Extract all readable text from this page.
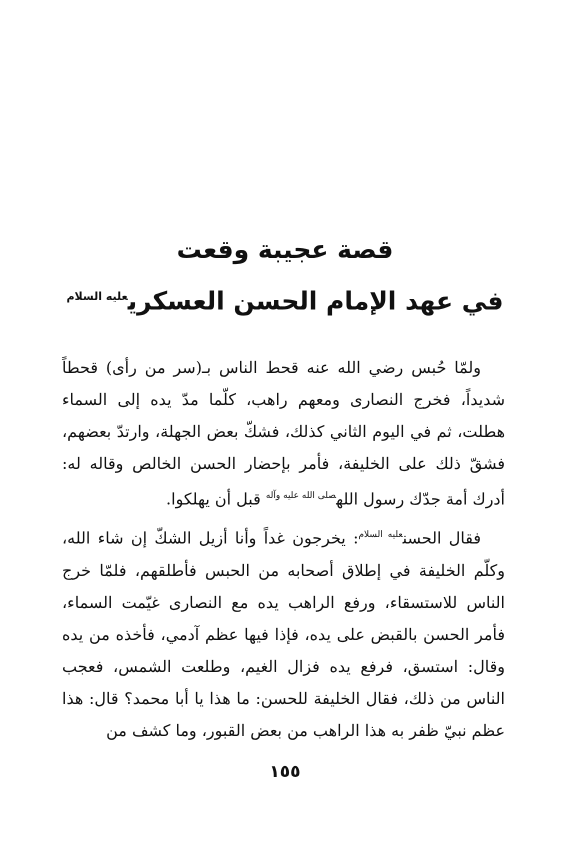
قصة عجيبة وقعت

في عهد الإمام الحسن العسكري$^{عليه السلام}$

ولمّا حُبس رضي الله عنه قحط الناس بـ(سر من رأى) قحطاً شديداً، فخرج النصارى ومعهم راهب، كلّما مدّ يده إلى السماء هطلت، ثم في اليوم الثاني كذلك، فشكّ بعض الجهلة، وارتدّ بعضهم، فشقّ ذلك على الخليفة، فأمر بإحضار الحسن الخالص وقاله له: أدرك أمة جدّك رسول الله$^{صلى الله عليه وآله}$ قبل أن يهلكوا.

فقال الحسن$^{عليه السلام}$: يخرجون غداً وأنا أزيل الشكّ إن شاء الله، وكلّم الخليفة في إطلاق أصحابه من الحبس فأطلقهم، فلمّا خرج الناس للاستسقاء، ورفع الراهب يده مع النصارى غيّمت السماء، فأمر الحسن بالقبض على يده، فإذا فيها عظم آدمي، فأخذه من يده وقال: استسق، فرفع يده فزال الغيم، وطلعت الشمس، فعجب الناس من ذلك، فقال الخليفة للحسن: ما هذا يا أبا محمد؟ قال: هذا عظم نبيّ ظفر به هذا الراهب من بعض القبور، وما كشف من

١٥٥
